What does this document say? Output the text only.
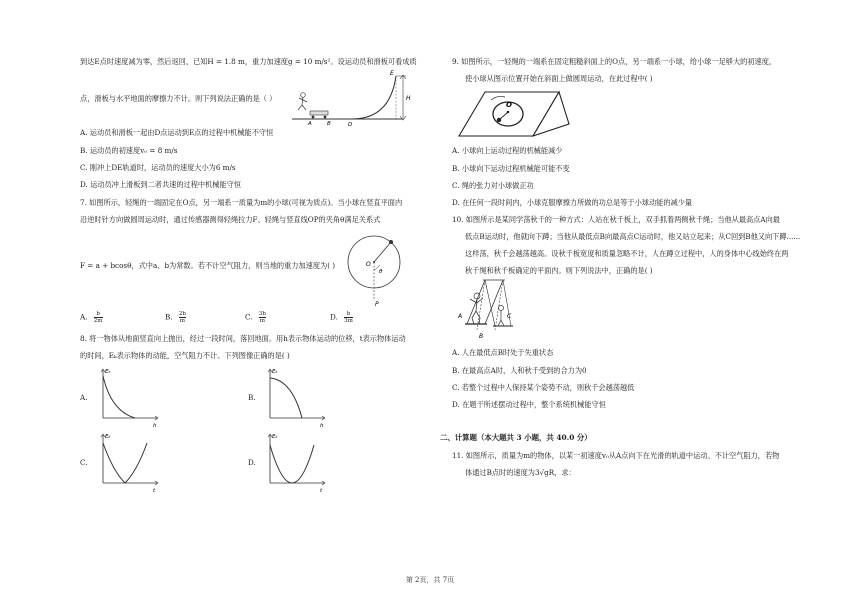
到达E点时速度减为零，然后返回，已知H = 1.8 m，重力加速度g = 10 m/s²。设运动员和滑板可看成质
点，滑板与水平地面的摩擦力不计。则下列说法正确的是（ ）
E
H
A	B	D
A. 运动员和滑板一起由D点运动到E点的过程中机械能不守恒
B. 运动员的初速度v₀ = 8 m/s
C. 刚冲上DE轨道时，运动员的速度大小为6 m/s
D. 运动员冲上滑板到二者共速的过程中机械能守恒
7. 如图所示，轻绳的一端固定在O点，另一端系一质量为m的小球(可视为质点)。当小球在竖直平面内
沿逆时针方向做圆周运动时，通过传感器测得轻绳拉力F、轻绳与竖直线OP的夹角θ满足关系式
F = a + bcosθ，式中a、b为常数。若不计空气阻力，则当地的重力加速度为( )	O
θ
P
A. $\frac{b}{2m}$	B. $\frac{2b}{m}$	C. $\frac{3b}{m}$	D. $\frac{b}{3m}$
8. 将一物体从地面竖直向上抛出，经过一段时间，落回地面。用h表示物体运动的位移，t表示物体运动
的时间，Eₖ表示物体的动能，空气阻力不计。下列图像正确的是( )
A.
Eₖ
h
B.
Eₖ
h
C.
Eₖ
t
D.
Eₖ
t
9. 如图所示，一轻绳的一端系在固定粗糙斜面上的O点，另一端系一小球，给小球一足够大的初速度，
使小球从图示位置开始在斜面上做圆周运动，在此过程中( )
O
A. 小球向上运动过程的机械能减少
B. 小球向下运动过程机械能可能不变
C. 绳的张力对小球做正功
D. 在任何一段时间内，小球克服摩擦力所做的功总是等于小球动能的减少量
10. 如图所示是某同学荡秋千的一种方式：人站在秋千板上，双手抓着两侧秋千绳；当他从最高点A向最
低点B运动时，他就向下蹲；当他从最低点B向最高点C运动时，他又站立起来；从C回到B他又向下蹲......
这样荡，秋千会越荡越高。设秋千板宽度和质量忽略不计，人在蹲立过程中，人的身体中心线始终在两
秋千绳和秋千板确定的平面内。则下列说法中，正确的是( )
A
B
C
A. 人在最低点B时处于失重状态
B. 在最高点A时，人和秋千受到的合力为0
C. 若整个过程中人保持某个姿势不动，则秋千会越荡越低
D. 在题干所述摆动过程中，整个系统机械能守恒
二、计算题（本大题共 3 小题，共 40.0 分）
11. 如图所示，质量为m的物体，以某一初速度v₀从A点向下在光滑的轨道中运动。不计空气阻力，若物
体通过B点时的速度为3√gR，求：
第 2页，共 7页
